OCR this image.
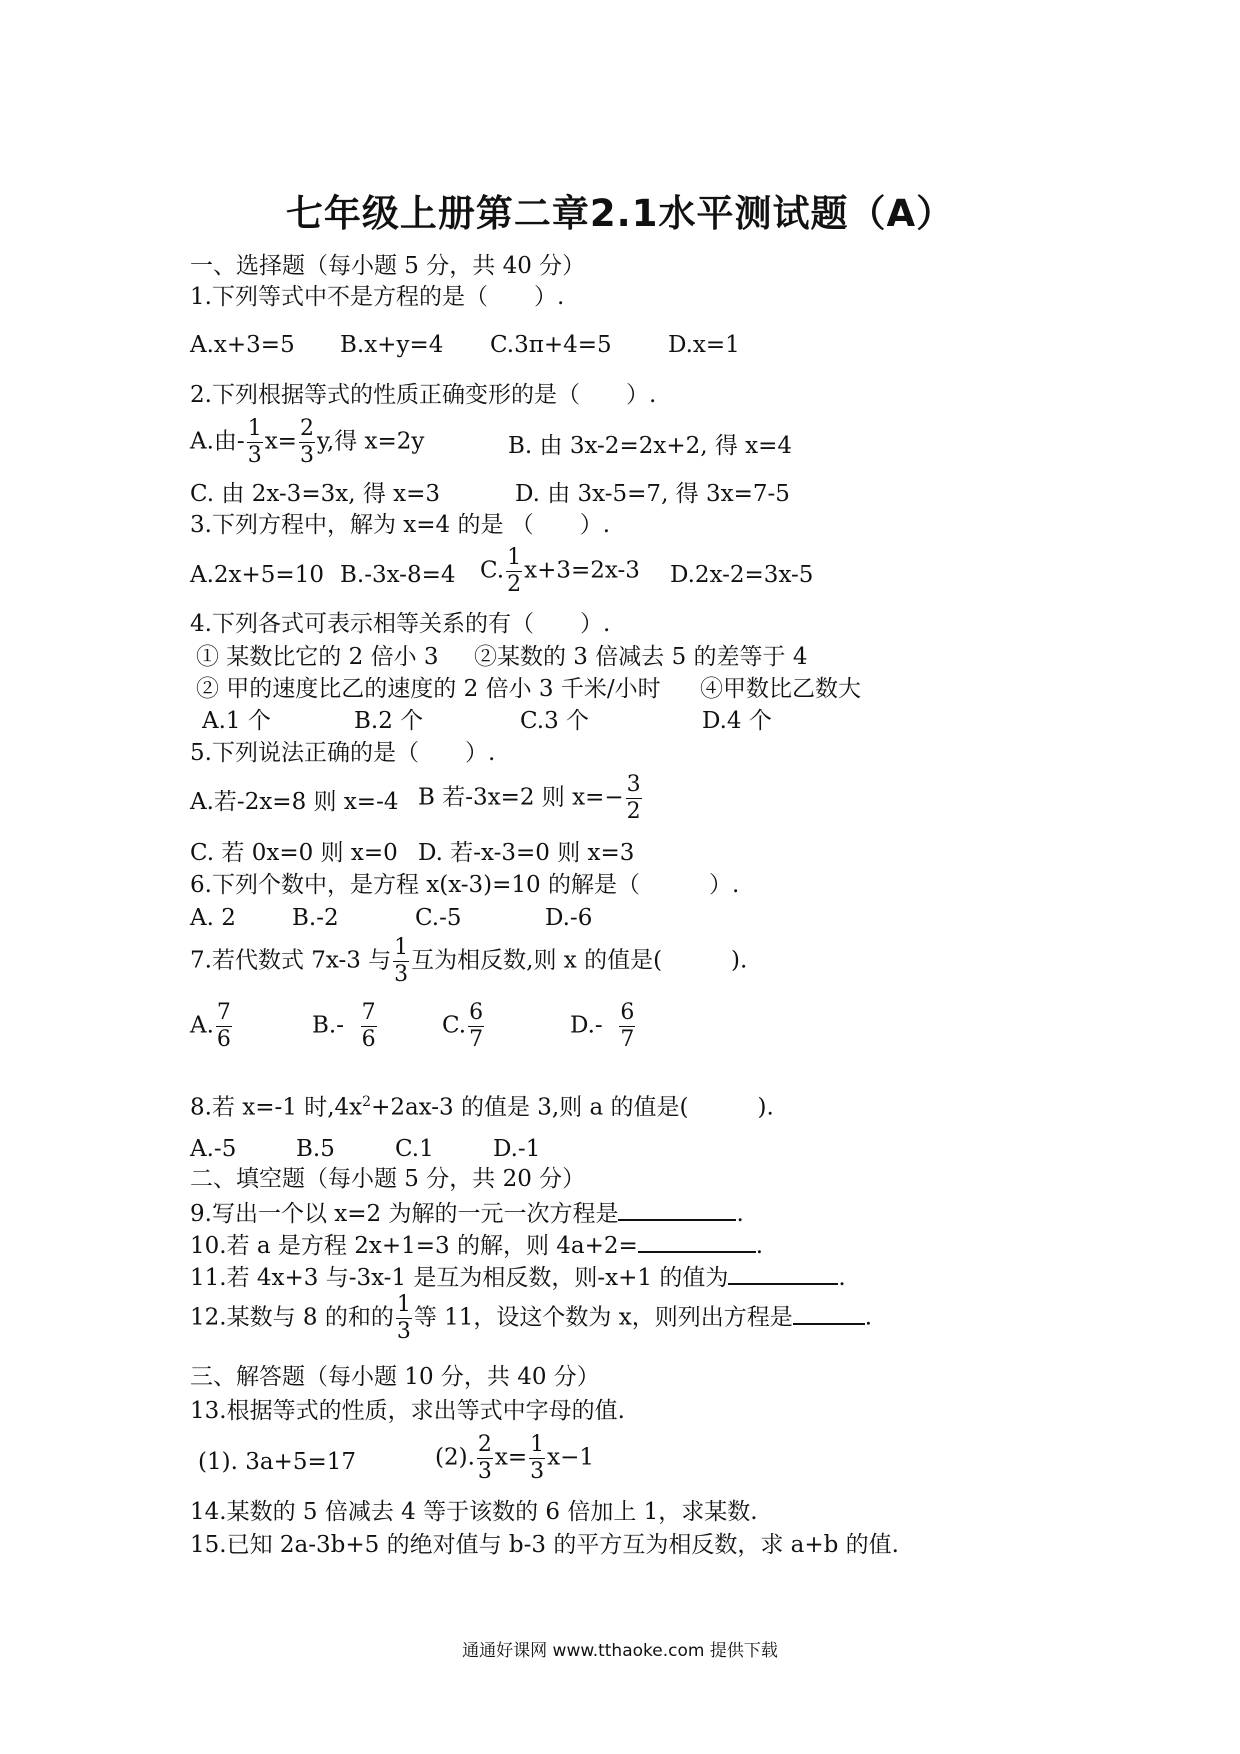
七年级上册第二章2.1水平测试题（A）
一、选择题（每小题 5 分，共 40 分）
1.下列等式中不是方程的是（　　）.
A.x+3=5 B.x+y=4 C.3π+4=5 D.x=1
2.下列根据等式的性质正确变形的是（　　）.
A.由- $\frac{1}{3} x= \frac{2}{3} y$,得 x=2y	B. 由 3x-2=2x+2, 得 x=4
C. 由 2x-3=3x, 得 x=3	D. 由 3x-5=7, 得 3x=7-5
3.下列方程中，解为 x=4 的是 （　　）.
A.2x+5=10 B.-3x-8=4 C. $\frac{1}{2} x+3=2x-3$ D.2x-2=3x-5
4.下列各式可表示相等关系的有（　　）.
① 某数比它的 2 倍小 3 ②某数的 3 倍减去 5 的差等于 4
② 甲的速度比乙的速度的 2 倍小 3 千米/小时 ④甲数比乙数大
A.1 个	B.2 个	C.3 个	D.4 个
5.下列说法正确的是（　　）.
A.若-2x=8 则 x=-4 B 若-3x=2 则 $x=- \frac{3}{2}$
C. 若 0x=0 则 x=0 D. 若-x-3=0 则 x=3
6.下列个数中，是方程 x(x-3)=10 的解是（　　　）.
A. 2 B.-2	C.-5	D.-6
7.若代数式 7x-3 与 $\frac{1}{3}$ 互为相反数,则 x 的值是(　　　).
A. $\frac{7}{6}$	$B.- \frac{7}{6}$	C. $\frac{6}{7}$	$D.- \frac{6}{7}$
8.若 x=-1 时$,4x^2+2ax-3$ 的值是 3,则 a 的值是(　　　).
A.-5	B.5	C.1	D.-1
二、填空题（每小题 5 分，共 20 分）
9.写出一个以 x=2 为解的一元一次方程是	.
10.若 a 是方程 2x+1=3 的解，则 4a+2=	.
11.若 4x+3 与-3x-1 是互为相反数，则-x+1 的值为	.
12.某数与 8 的和的 $\frac{1}{3}$ 等 11，设这个数为 x，则列出方程是	.
三、解答题（每小题 10 分，共 40 分）
13.根据等式的性质，求出等式中字母的值.
(1). 3a+5=17	(2). $\frac{2}{3} x= \frac{1}{3} x-1$
14.某数的 5 倍减去 4 等于该数的 6 倍加上 1，求某数.
15.已知 2a-3b+5 的绝对值与 b-3 的平方互为相反数，求 a+b 的值.
通通好课网 www.tthaoke.com 提供下载
